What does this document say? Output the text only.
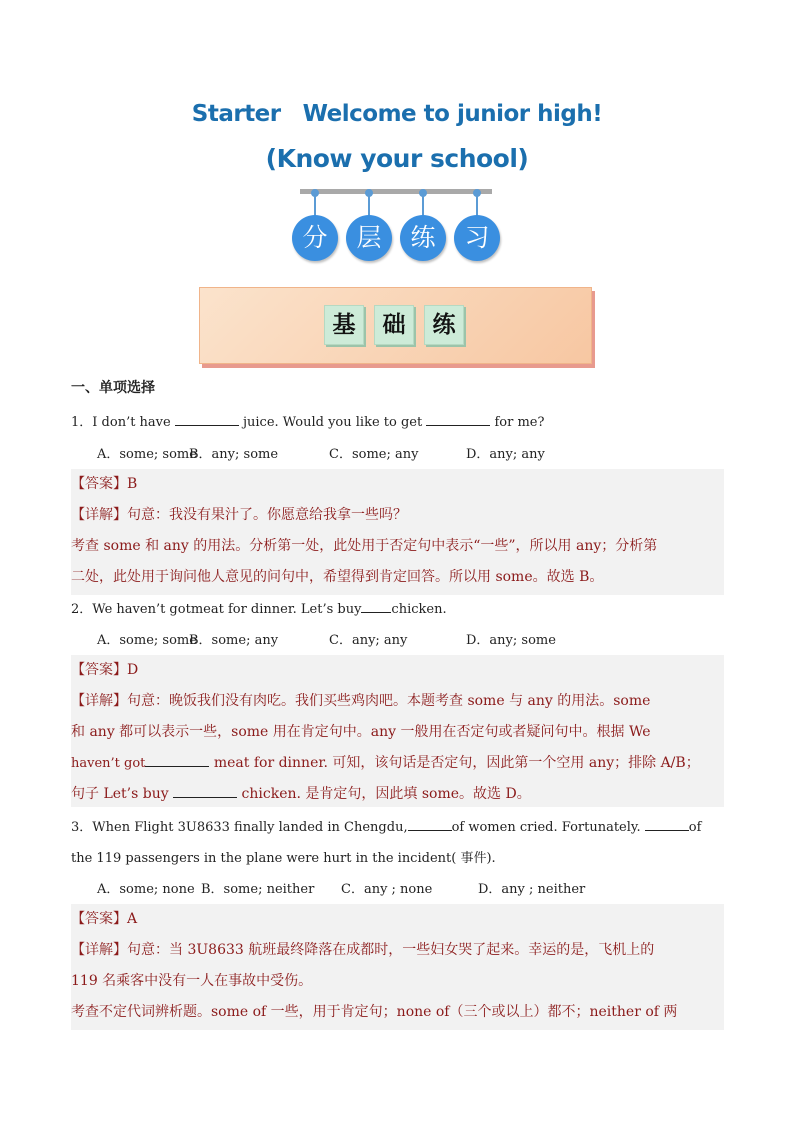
Starter Welcome to junior high!
(Know your school)
分	层	练	习
基	础	练
一、单项选择
1．I don’t have	juice. Would you like to get	for me?
A．some; someB．any; some	C．some; any	D．any; any
【答案】B
【详解】句意：我没有果汁了。你愿意给我拿一些吗？
考查 some 和 any 的用法。分析第一处，此处用于否定句中表示“一些”，所以用 any；分析第
二处，此处用于询问他人意见的问句中，希望得到肯定回答。所以用 some。故选 B。
2．We haven’t gotmeat for dinner. Let’s buy chicken.
A．some; someB．some; any	C．any; any	D．any; some
【答案】D
【详解】句意：晚饭我们没有肉吃。我们买些鸡肉吧。本题考查 some 与 any 的用法。some
和 any 都可以表示一些，some 用在肯定句中。any 一般用在否定句或者疑问句中。根据 We
haven’t got	meat for dinner. 可知，该句话是否定句，因此第一个空用 any；排除 A/B；
句子 Let’s buy	chicken. 是肯定句，因此填 some。故选 D。
3．When Flight 3U8633 finally landed in Chengdu,	of women cried. Fortunately.	of
the 119 passengers in the plane were hurt in the incident( 事件).
A．some; none B．some; neither C．any ; none	D．any ; neither
【答案】A
【详解】句意：当 3U8633 航班最终降落在成都时，一些妇女哭了起来。幸运的是，飞机上的
119 名乘客中没有一人在事故中受伤。
考查不定代词辨析题。some of 一些，用于肯定句；none of（三个或以上）都不；neither of 两
